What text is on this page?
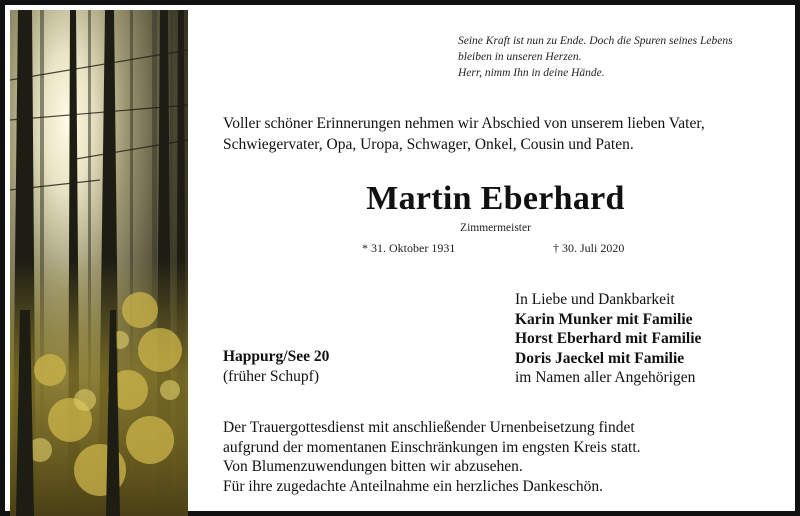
Seine Kraft ist nun zu Ende. Doch die Spuren seines Lebens
bleiben in unseren Herzen.
Herr, nimm Ihn in deine Hände.
Voller schöner Erinnerungen nehmen wir Abschied von unserem lieben Vater,
Schwiegervater, Opa, Uropa, Schwager, Onkel, Cousin und Paten.
Martin Eberhard
Zimmermeister
* 31. Oktober 1931	† 30. Juli 2020
Happurg/See 20
(früher Schupf)
In Liebe und Dankbarkeit
Karin Munker mit Familie
Horst Eberhard mit Familie
Doris Jaeckel mit Familie
im Namen aller Angehörigen
Der Trauergottesdienst mit anschließender Urnenbeisetzung findet
aufgrund der momentanen Einschränkungen im engsten Kreis statt.
Von Blumenzuwendungen bitten wir abzusehen.
Für ihre zugedachte Anteilnahme ein herzliches Dankeschön.
